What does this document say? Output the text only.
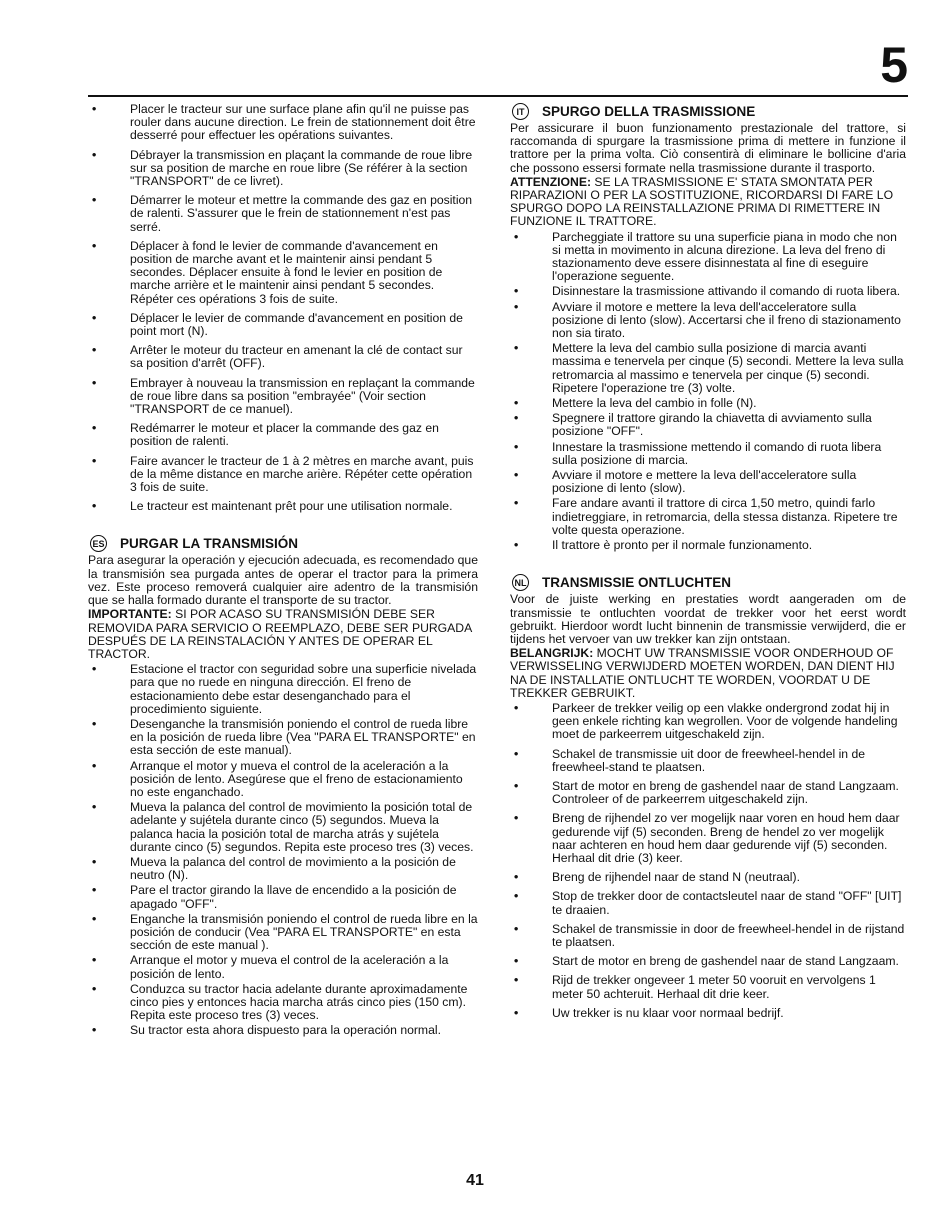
5
•	Placer le tracteur sur une surface plane afin qu'il ne puisse pas rouler dans aucune direction. Le frein de stationnement doit être desserré pour effectuer les opérations suivantes.
•	Débrayer la transmission en plaçant la commande de roue libre sur sa position de marche en roue libre (Se référer à la section "TRANSPORT" de ce livret).
•	Démarrer le moteur et mettre la commande des gaz en position de ralenti. S'assurer que le frein de stationnement n'est pas serré.
•	Déplacer à fond le levier de commande d'avancement en position de marche avant et le maintenir ainsi pendant 5 secondes. Déplacer ensuite à fond le levier en position de marche arrière et le maintenir ainsi pendant 5 secondes. Répéter ces opérations 3 fois de suite.
•	Déplacer le levier de commande d'avancement en position de point mort (N).
•	Arrêter le moteur du tracteur en amenant la clé de contact sur sa position d'arrêt (OFF).
•	Embrayer à nouveau la transmission en replaçant la commande de roue libre dans sa position "embrayée" (Voir section "TRANSPORT de ce manuel).
•	Redémarrer le moteur et placer la commande des gaz en position de ralenti.
•	Faire avancer le tracteur de 1 à 2 mètres en marche avant, puis de la même distance en marche arière. Répéter cette opération 3 fois de suite.
•	Le tracteur est maintenant prêt pour une utilisation normale.
ES PURGAR LA TRANSMISIÓN

Para asegurar la operación y ejecución adecuada, es recomendado que la transmisión sea purgada antes de operar el tractor para la primera vez. Este proceso removerá cualquier aire adentro de la transmisión que se halla formado durante el transporte de su tractor.

IMPORTANTE: SI POR ACASO SU TRANSMISIÓN DEBE SER REMOVIDA PARA SERVICIO O REEMPLAZO, DEBE SER PURGADA DESPUÉS DE LA REINSTALACIÓN Y ANTES DE OPERAR EL TRACTOR.

•	Estacione el tractor con seguridad sobre una superficie nivelada para que no ruede en ninguna dirección. El freno de estacionamiento debe estar desenganchado para el procedimiento siguiente.
•	Desenganche la transmisión poniendo el control de rueda libre en la posición de rueda libre (Vea "PARA EL TRANSPORTE" en esta sección de este manual).
•	Arranque el motor y mueva el control de la aceleración a la posición de lento. Asegúrese que el freno de estacionamiento no este enganchado.
•	Mueva la palanca del control de movimiento la posición total de adelante y sujétela durante cinco (5) segundos. Mueva la palanca hacia la posición total de marcha atrás y sujétela durante cinco (5) segundos. Repita este proceso tres (3) veces.
•	Mueva la palanca del control de movimiento a la posición de neutro (N).
•	Pare el tractor girando la llave de encendido a la posición de apagado "OFF".
•	Enganche la transmisión poniendo el control de rueda libre en la posición de conducir (Vea "PARA EL TRANSPORTE" en esta sección de este manual ).
•	Arranque el motor y mueva el control de la aceleración a la posición de lento.
•	Conduzca su tractor hacia adelante durante aproximadamente cinco pies y entonces hacia marcha atrás cinco pies (150 cm). Repita este proceso tres (3) veces.
•	Su tractor esta ahora dispuesto para la operación normal.
IT	SPURGO DELLA TRASMISSIONE

Per assicurare il buon funzionamento prestazionale del trattore, si raccomanda di spurgare la trasmissione prima di mettere in funzione il trattore per la prima volta. Ciò consentirà di eliminare le bollicine d'aria che possono essersi formate nella trasmissione durante il trasporto.

ATTENZIONE: SE LA TRASMISSIONE E' STATA SMONTATA PER RIPARAZIONI O PER LA SOSTITUZIONE, RICORDARSI DI FARE LO SPURGO DOPO LA REINSTALLAZIONE PRIMA DI RIMETTERE IN FUNZIONE IL TRATTORE.

•	Parcheggiate il trattore su una superficie piana in modo che non si metta in movimento in alcuna direzione. La leva del freno di stazionamento deve essere disinnestata al fine di eseguire l'operazione seguente.
•	Disinnestare la trasmissione attivando il comando di ruota libera.
•	Avviare il motore e mettere la leva dell'acceleratore sulla posizione di lento (slow). Accertarsi che il freno di stazionamento non sia tirato.
•	Mettere la leva del cambio sulla posizione di marcia avanti massima e tenervela per cinque (5) secondi. Mettere la leva sulla retromarcia al massimo e tenervela per cinque (5) secondi. Ripetere l'operazione tre (3) volte.
•	Mettere la leva del cambio in folle (N).
•	Spegnere il trattore girando la chiavetta di avviamento sulla posizione "OFF".
•	Innestare la trasmissione mettendo il comando di ruota libera sulla posizione di marcia.
•	Avviare il motore e mettere la leva dell'acceleratore sulla posizione di lento (slow).
•	Fare andare avanti il trattore di circa 1,50 metro, quindi farlo indietreggiare, in retromarcia, della stessa distanza. Ripetere tre volte questa operazione.
•	Il trattore è pronto per il normale funzionamento.
NL TRANSMISSIE ONTLUCHTEN

Voor de juiste werking en prestaties wordt aangeraden om de transmissie te ontluchten voordat de trekker voor het eerst wordt gebruikt. Hierdoor wordt lucht binnenin de transmissie verwijderd, die er tijdens het vervoer van uw trekker kan zijn ontstaan.

BELANGRIJK: MOCHT UW TRANSMISSIE VOOR ONDERHOUD OF VERWISSELING VERWIJDERD MOETEN WORDEN, DAN DIENT HIJ NA DE INSTALLATIE ONTLUCHT TE WORDEN, VOORDAT U DE TREKKER GEBRUIKT.

•	Parkeer de trekker veilig op een vlakke ondergrond zodat hij in geen enkele richting kan wegrollen. Voor de volgende handeling moet de parkeerrem uitgeschakeld zijn.
•	Schakel de transmissie uit door de freewheel-hendel in de freewheel-stand te plaatsen.
•	Start de motor en breng de gashendel naar de stand Langzaam. Controleer of de parkeerrem uitgeschakeld zijn.
•	Breng de rijhendel zo ver mogelijk naar voren en houd hem daar gedurende vijf (5) seconden. Breng de hendel zo ver mogelijk naar achteren en houd hem daar gedurende vijf (5) seconden. Herhaal dit drie (3) keer.
•	Breng de rijhendel naar de stand N (neutraal).
•	Stop de trekker door de contactsleutel naar de stand "OFF" [UIT] te draaien.
•	Schakel de transmissie in door de freewheel-hendel in de rijstand te plaatsen.
•	Start de motor en breng de gashendel naar de stand Langzaam.
•	Rijd de trekker ongeveer 1 meter 50 vooruit en vervolgens 1 meter 50 achteruit. Herhaal dit drie keer.
•	Uw trekker is nu klaar voor normaal bedrijf.
41
